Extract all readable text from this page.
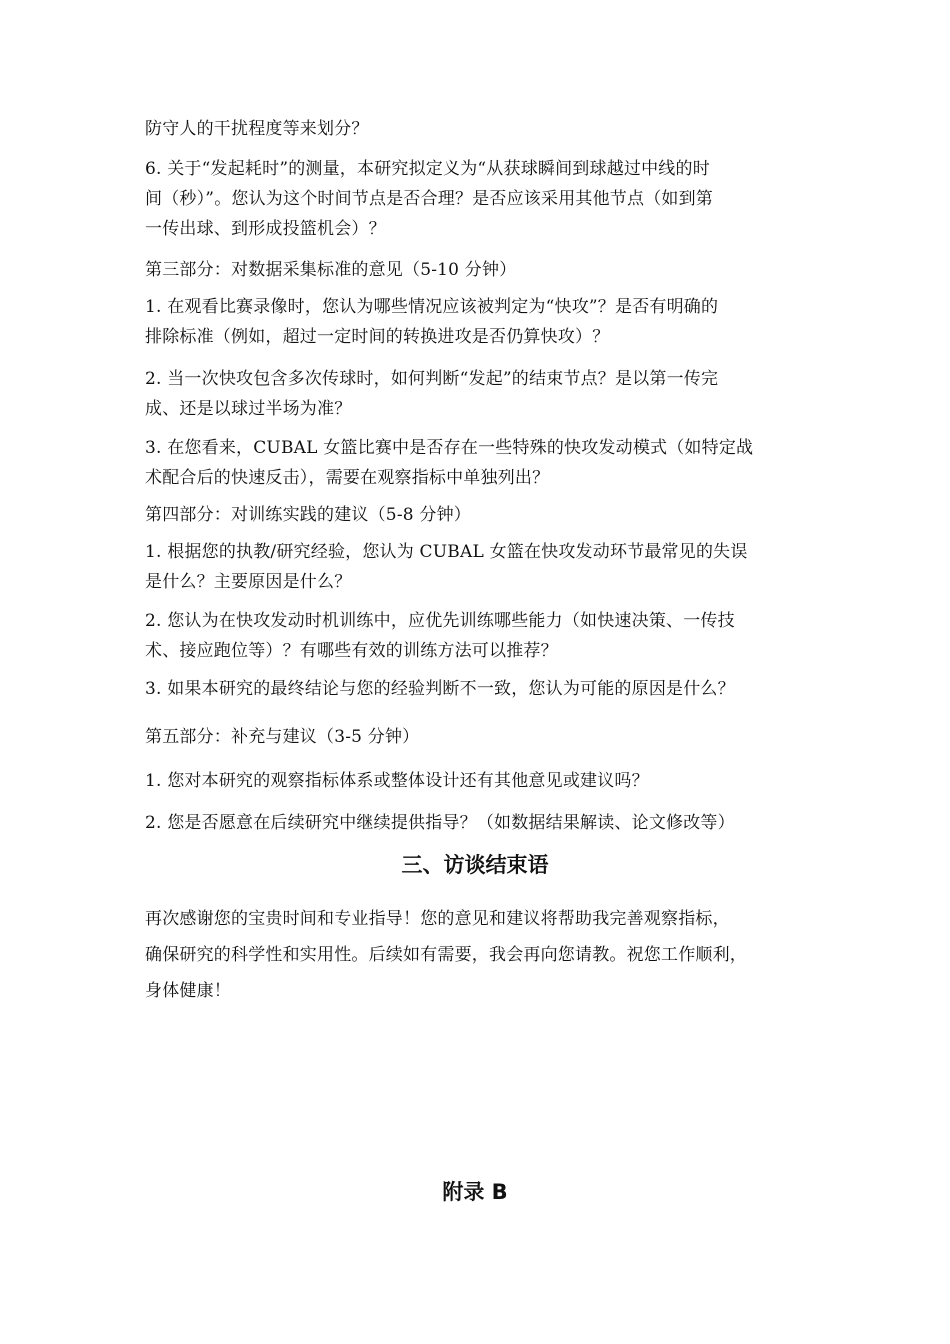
防守人的干扰程度等来划分？
6. 关于“发起耗时”的测量，本研究拟定义为“从获球瞬间到球越过中线的时
间（秒）”。您认为这个时间节点是否合理？是否应该采用其他节点（如到第
一传出球、到形成投篮机会）？
第三部分：对数据采集标准的意见（5-10 分钟）
1. 在观看比赛录像时，您认为哪些情况应该被判定为“快攻”？是否有明确的
排除标准（例如，超过一定时间的转换进攻是否仍算快攻）？
2. 当一次快攻包含多次传球时，如何判断“发起”的结束节点？是以第一传完
成、还是以球过半场为准？
3. 在您看来，CUBAL 女篮比赛中是否存在一些特殊的快攻发动模式（如特定战
术配合后的快速反击），需要在观察指标中单独列出？
第四部分：对训练实践的建议（5-8 分钟）
1. 根据您的执教/研究经验，您认为 CUBAL 女篮在快攻发动环节最常见的失误
是什么？主要原因是什么？
2. 您认为在快攻发动时机训练中，应优先训练哪些能力（如快速决策、一传技
术、接应跑位等）？有哪些有效的训练方法可以推荐？
3. 如果本研究的最终结论与您的经验判断不一致，您认为可能的原因是什么？
第五部分：补充与建议（3-5 分钟）
1. 您对本研究的观察指标体系或整体设计还有其他意见或建议吗？
2. 您是否愿意在后续研究中继续提供指导？（如数据结果解读、论文修改等）
三、访谈结束语
再次感谢您的宝贵时间和专业指导！您的意见和建议将帮助我完善观察指标，
确保研究的科学性和实用性。后续如有需要，我会再向您请教。祝您工作顺利，
身体健康！
附录 B
